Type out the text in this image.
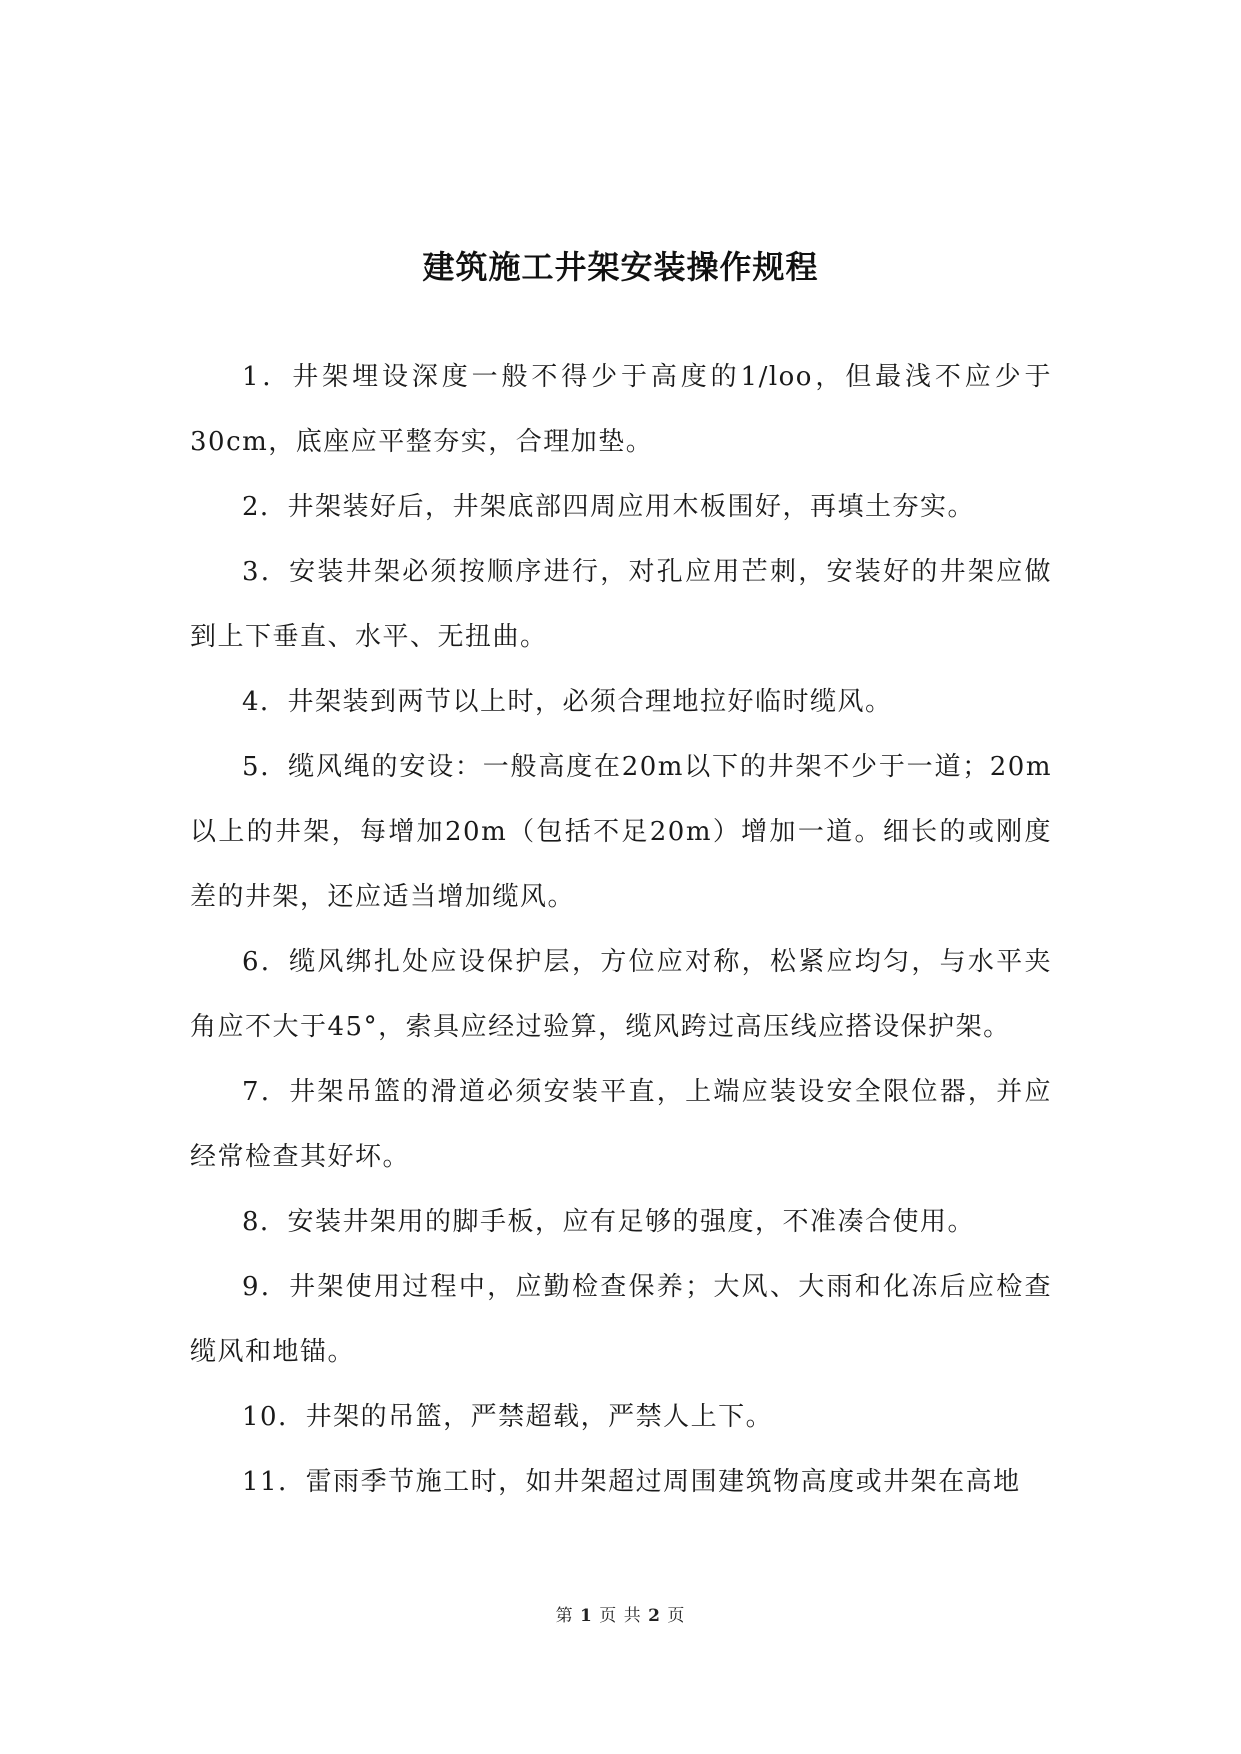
建筑施工井架安装操作规程

1．井架埋设深度一般不得少于高度的1/loo，但最浅不应少于30cm，底座应平整夯实，合理加垫。

2．井架装好后，井架底部四周应用木板围好，再填土夯实。

3．安装井架必须按顺序进行，对孔应用芒刺，安装好的井架应做到上下垂直、水平、无扭曲。

4．井架装到两节以上时，必须合理地拉好临时缆风。

5．缆风绳的安设：一般高度在20m以下的井架不少于一道；20m以上的井架，每增加20m（包括不足20m）增加一道。细长的或刚度差的井架，还应适当增加缆风。

6．缆风绑扎处应设保护层，方位应对称，松紧应均匀，与水平夹角应不大于45°，索具应经过验算，缆风跨过高压线应搭设保护架。

7．井架吊篮的滑道必须安装平直，上端应装设安全限位器，并应经常检查其好坏。

8．安装井架用的脚手板，应有足够的强度，不准凑合使用。

9．井架使用过程中，应勤检查保养；大风、大雨和化冻后应检查缆风和地锚。

10．井架的吊篮，严禁超载，严禁人上下。

11．雷雨季节施工时，如井架超过周围建筑物高度或井架在高地

第 1 页 共 2 页
